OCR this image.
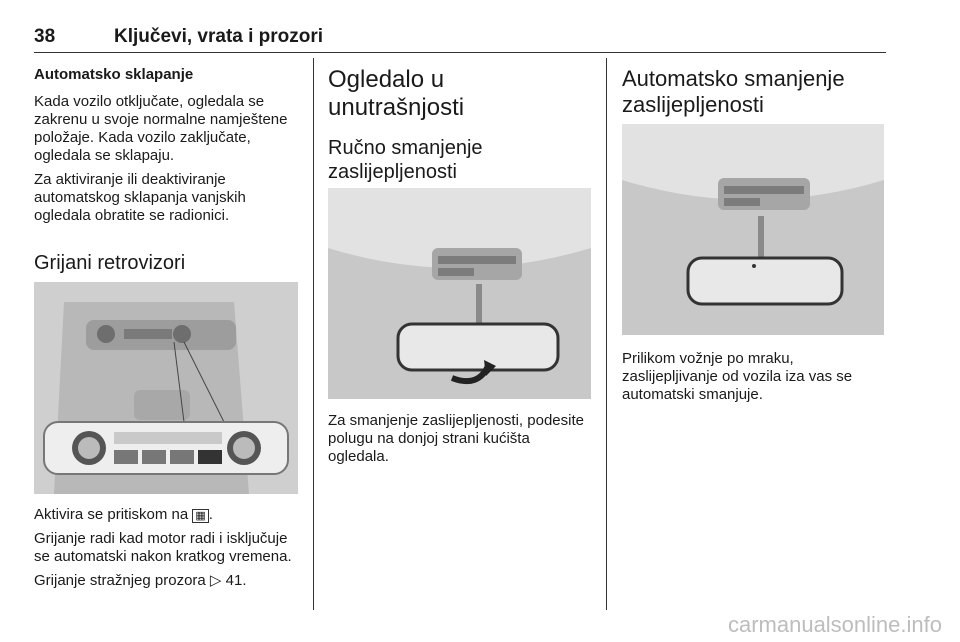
38	Ključevi, vrata i prozori
Automatsko sklapanje

Kada vozilo otključate, ogledala se zakrenu u svoje normalne namještene položaje. Kada vozilo zaključate, ogledala se sklapaju.

Za aktiviranje ili deaktiviranje automatskog sklapanja vanjskih ogledala obratite se radionici.

Grijani retrovizori

Aktivira se pritiskom na ▦ .

Grijanje radi kad motor radi i isključuje se automatski nakon kratkog vremena.

Grijanje stražnjeg prozora ▷ 41.

Ogledalo u unutrašnjosti
Ručno smanjenje zaslijepljenosti

Za smanjenje zaslijepljenosti, podesite polugu na donjoj strani kućišta ogledala.

Automatsko smanjenje zaslijepljenosti

Prilikom vožnje po mraku, zaslijepljivanje od vozila iza vas se automatski smanjuje.

carmanualsonline.info
